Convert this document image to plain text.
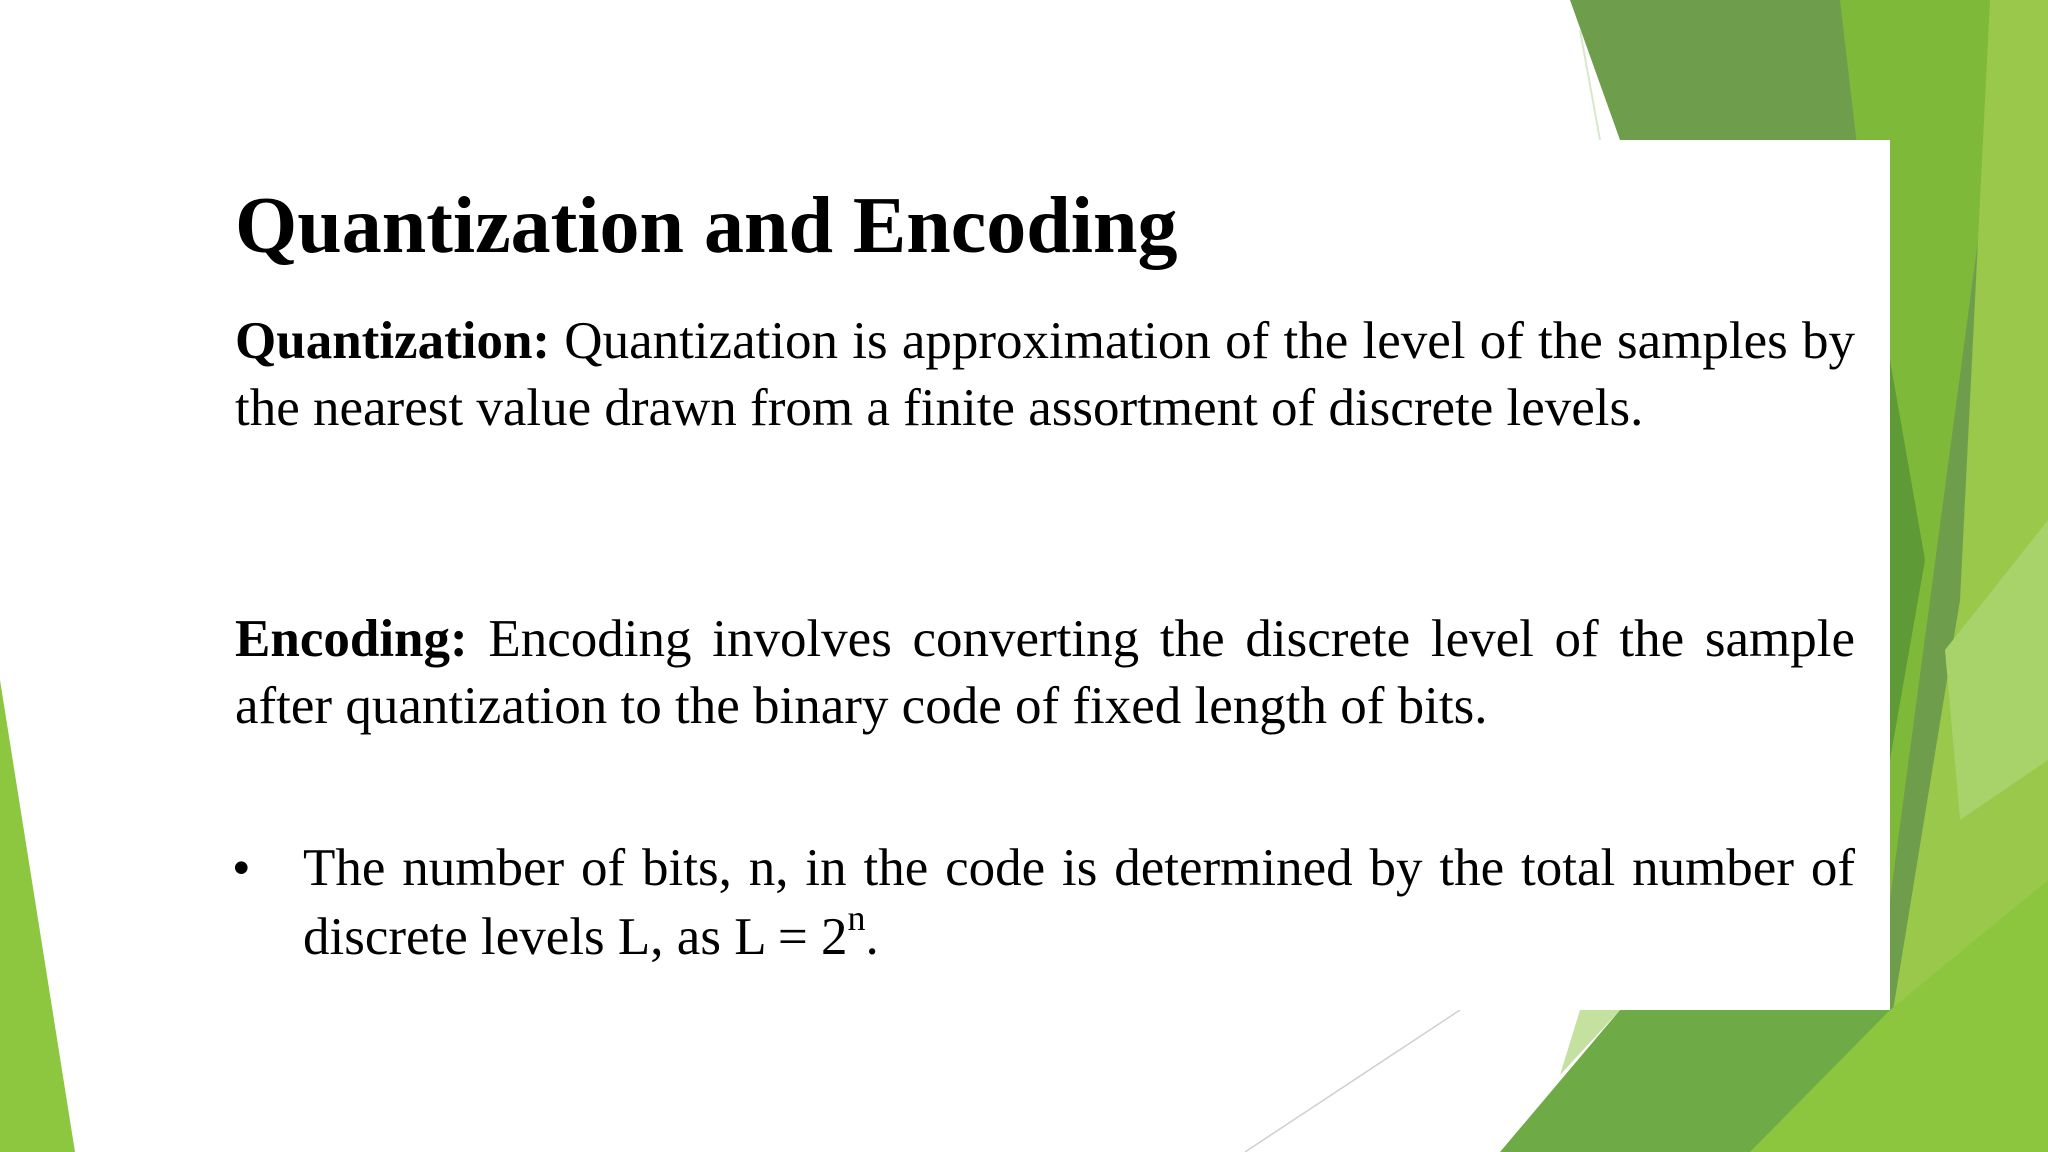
Quantization and Encoding

Quantization: Quantization is approximation of the level of the samples by the nearest value drawn from a finite assortment of discrete levels.

Encoding: Encoding involves converting the discrete level of the sample after quantization to the binary code of fixed length of bits.

• The number of bits, n, in the code is determined by the total number of discrete levels L, as $L = 2^n$.
